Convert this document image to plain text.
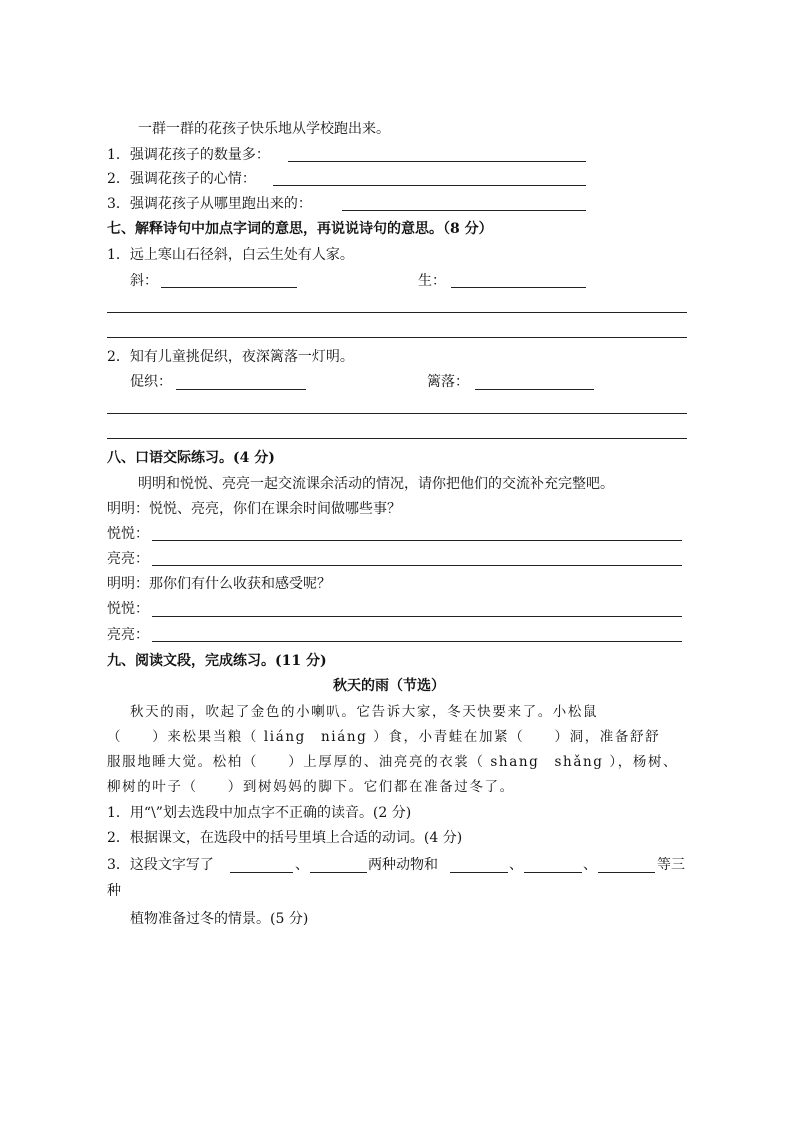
一群一群的花孩子快乐地从学校跑出来。
1．强调花孩子的数量多：
2．强调花孩子的心情：
3．强调花孩子从哪里跑出来的：
七、解释诗句中加点字词的意思，再说说诗句的意思。（8 分）
1．远上寒山石径斜，白云生处有人家。
斜：	生：
2．知有儿童挑促织，夜深篱落一灯明。
促织：	篱落：
八、口语交际练习。(4 分)
明明和悦悦、亮亮一起交流课余活动的情况，请你把他们的交流补充完整吧。
明明：悦悦、亮亮，你们在课余时间做哪些事？
悦悦：
亮亮：
明明：那你们有什么收获和感受呢？
悦悦：
亮亮：
九、阅读文段，完成练习。(11 分)
秋天的雨（节选）
秋天的雨，吹起了金色的小喇叭。它告诉大家，冬天快要来了。小松鼠
（　　）来松果当粮（ liáng　niáng ）食，小青蛙在加紧（　　）洞，准备舒舒
服服地睡大觉。松柏（　　）上厚厚的、油亮亮的衣裳（ shang　shǎng ），杨树、
柳树的叶子（　　）到树妈妈的脚下。它们都在准备过冬了。
1．用“\”划去选段中加点字不正确的读音。(2 分)
2．根据课文，在选段中的括号里填上合适的动词。(4 分)
3．这段文字写了	、	两种动物和	、	、	等三
种
植物准备过冬的情景。(5 分)
